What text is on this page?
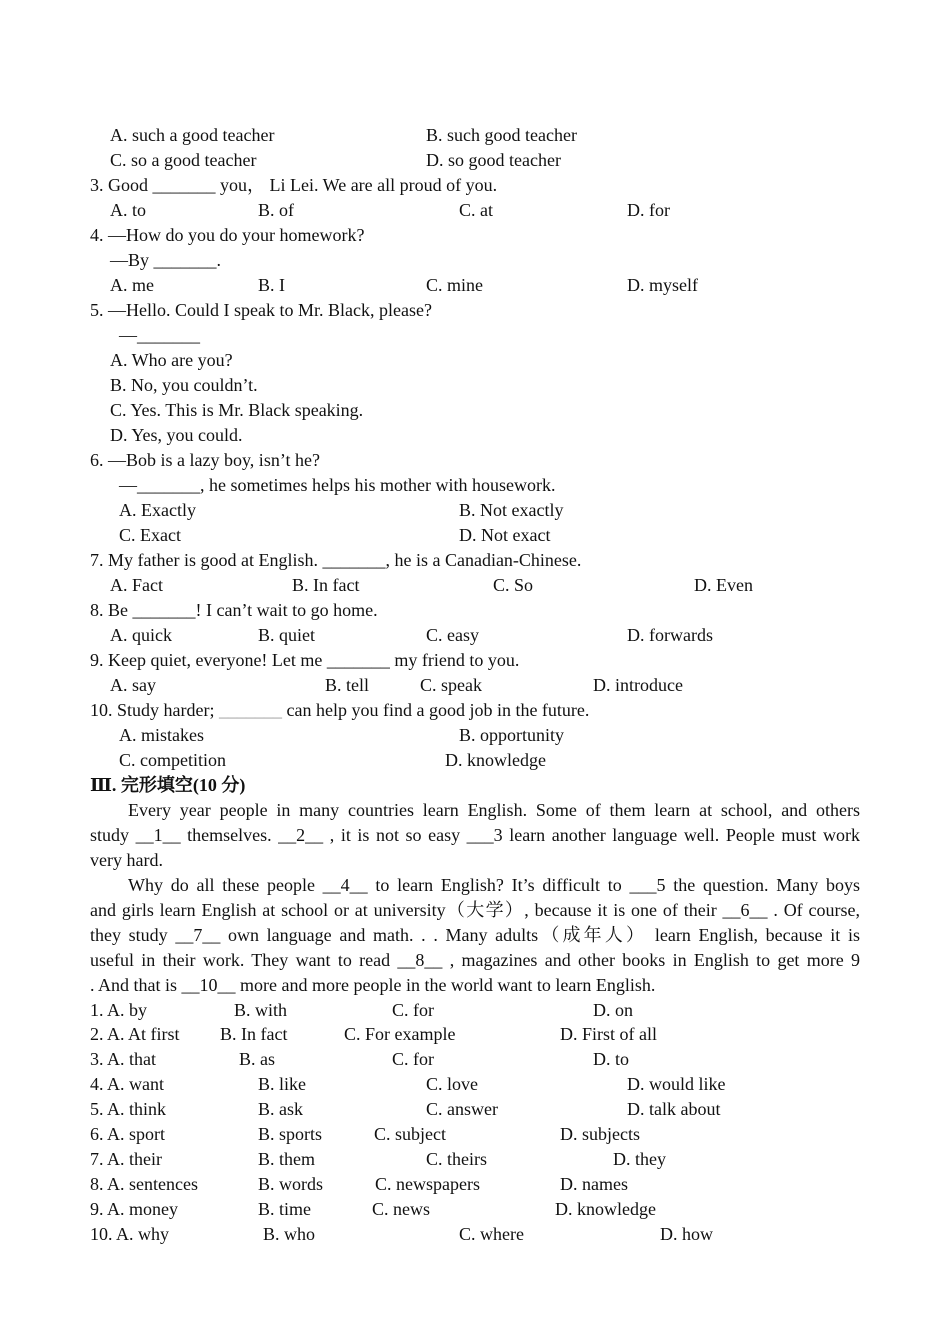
A. such a good teacher	B. such good teacher
C. so a good teacher	D. so good teacher
3. Good _______ you， Li Lei. We are all proud of you.
A. to	B. of	C. at	D. for
4. —How do you do your homework?
—By _______.
A. me	B. I	C. mine	D. myself
5. —Hello. Could I speak to Mr. Black, please?
—_______
A. Who are you?
B. No, you couldn’t.
C. Yes. This is Mr. Black speaking.
D. Yes, you could.
6. —Bob is a lazy boy, isn’t he?
—_______, he sometimes helps his mother with housework.
A. Exactly	B. Not exactly
C. Exact	D. Not exact
7. My father is good at English. _______, he is a Canadian-Chinese.
A. Fact	B. In fact	C. So	D. Even
8. Be _______! I can’t wait to go home.
A. quick	B. quiet	C. easy	D. forwards
9. Keep quiet, everyone! Let me _______ my friend to you.
A. say	B. tell	C. speak	D. introduce
10. Study harder; _______ can help you find a good job in the future.
A. mistakes	B. opportunity
C. competition	D. knowledge
Ⅲ. 完形填空(10 分)
Every year people in many countries learn English. Some of them learn at school, and others
study __1__ themselves. __2__ , it is not so easy ___3 learn another language well. People must work
very hard.
Why do all these people __4__ to learn English? It’s difficult to ___5 the question. Many boys
and girls learn English at school or at university（大学）, because it is one of their __6__ . Of course,
they study __7__ own language and math. . . Many adults（成年人） learn English, because it is
useful in their work. They want to read __8__ , magazines and other books in English to get more 9
. And that is __10__ more and more people in the world want to learn English.
1. A. by	B. with	C. for	D. on
2. A. At first B. In fact	C. For example	D. First of all
3. A. that	B. as	C. for	D. to
4. A. want	B. like	C. love	D. would like
5. A. think	B. ask	C. answer	D. talk about
6. A. sport	B. sports	C. subject	D. subjects
7. A. their	B. them	C. theirs	D. they
8. A. sentences	B. words	C. newspapers	D. names
9. A. money	B. time	C. news	D. knowledge
10. A. why	B. who	C. where	D. how
